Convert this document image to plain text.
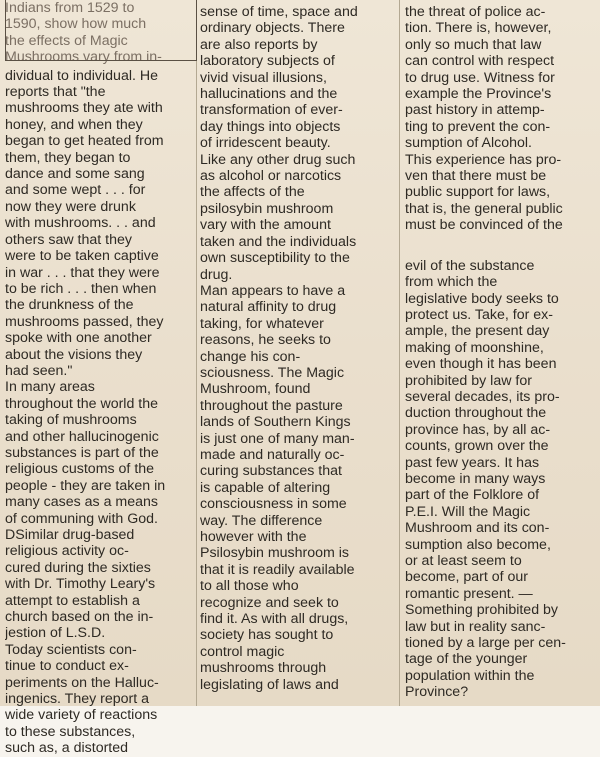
Indians from 1529 to
1590, show how much
the effects of Magic
Mushrooms vary from in-
dividual to individual. He
reports that "the
mushrooms they ate with
honey, and when they
began to get heated from
them, they began to
dance and some sang
and some wept . . . for
now they were drunk
with mushrooms. . . and
others saw that they
were to be taken captive
in war . . . that they were
to be rich . . . then when
the drunkness of the
mushrooms passed, they
spoke with one another
about the visions they
had seen."
In many areas
throughout the world the
taking of mushrooms
and other hallucinogenic
substances is part of the
religious customs of the
people - they are taken in
many cases as a means
of communing with God.
DSimilar drug-based
religious activity oc-
cured during the sixties
with Dr. Timothy Leary's
attempt to establish a
church based on the in-
jestion of L.S.D.
Today scientists con-
tinue to conduct ex-
periments on the Halluc-
ingenics. They report a
wide variety of reactions
to these substances,
such as, a distorted
sense of time, space and
ordinary objects. There
are also reports by
laboratory subjects of
vivid visual illusions,
hallucinations and the
transformation of ever-
day things into objects
of irridescent beauty.
Like any other drug such
as alcohol or narcotics
the affects of the
psilosybin mushroom
vary with the amount
taken and the individuals
own susceptibility to the
drug.
Man appears to have a
natural affinity to drug
taking, for whatever
reasons, he seeks to
change his con-
sciousness. The Magic
Mushroom, found
throughout the pasture
lands of Southern Kings
is just one of many man-
made and naturally oc-
curing substances that
is capable of altering
consciousness in some
way. The difference
however with the
Psilosybin mushroom is
that it is readily available
to all those who
recognize and seek to
find it. As with all drugs,
society has sought to
control magic
mushrooms through
legislating of laws and
the threat of police ac-
tion. There is, however,
only so much that law
can control with respect
to drug use. Witness for
example the Province's
past history in attemp-
ting to prevent the con-
sumption of Alcohol.
This experience has pro-
ven that there must be
public support for laws,
that is, the general public
must be convinced of the
evil of the substance
from which the
legislative body seeks to
protect us. Take, for ex-
ample, the present day
making of moonshine,
even though it has been
prohibited by law for
several decades, its pro-
duction throughout the
province has, by all ac-
counts, grown over the
past few years. It has
become in many ways
part of the Folklore of
P.E.I. Will the Magic
Mushroom and its con-
sumption also become,
or at least seem to
become, part of our
romantic present. —
Something prohibited by
law but in reality sanc-
tioned by a large per cen-
tage of the younger
population within the
Province?
